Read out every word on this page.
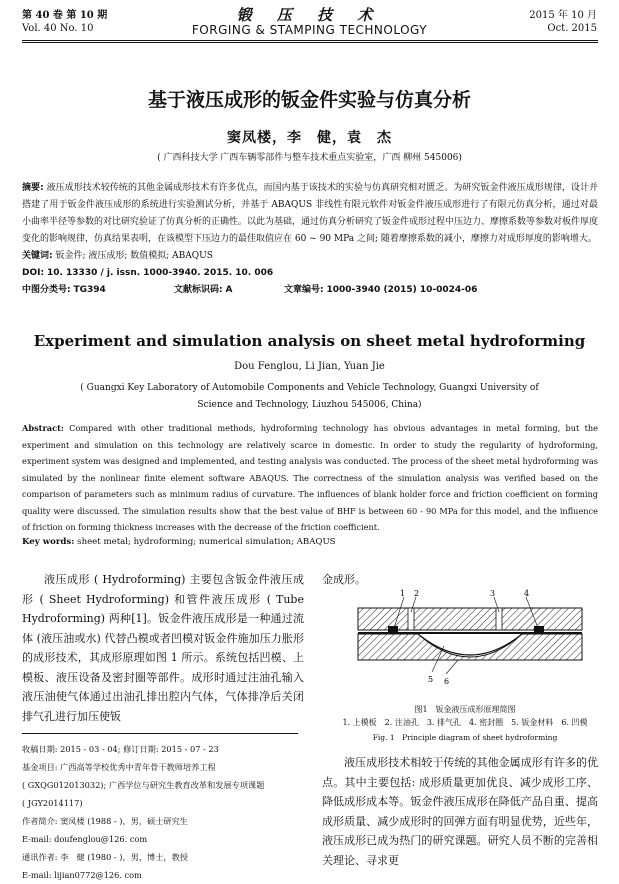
第 40 卷 第 10 期
Vol. 40 No. 10
锻 压 技 术
FORGING & STAMPING TECHNOLOGY
2015 年 10 月
Oct. 2015
基于液压成形的钣金件实验与仿真分析
窦凤楼，李　健，袁　杰
( 广西科技大学 广西车辆零部件与整车技术重点实验室，广西 柳州 545006)
摘要: 液压成形技术较传统的其他金属成形技术有许多优点，而国内基于该技术的实验与仿真研究相对匮乏。为研究钣金件液压成形规律，设计并搭建了用于钣金件液压成形的系统进行实验测试分析，并基于 ABAQUS 非线性有限元软件对钣金件液压成形进行了有限元仿真分析，通过对最小曲率半径等参数的对比研究验证了仿真分析的正确性。以此为基础，通过仿真分析研究了钣金件成形过程中压边力、摩擦系数等参数对板件厚度变化的影响规律，仿真结果表明，在该模型下压边力的最佳取值应在 60 ~ 90 MPa 之间; 随着摩擦系数的减小，摩擦力对成形厚度的影响增大。
关键词: 钣金件; 液压成形; 数值模拟; ABAQUS
DOI: 10. 13330 / j. issn. 1000-3940. 2015. 10. 006
中图分类号: TG394	文献标识码: A	文章编号: 1000-3940 (2015) 10-0024-06
Experiment and simulation analysis on sheet metal hydroforming
Dou Fenglou, Li Jian, Yuan Jie
( Guangxi Key Laboratory of Automobile Components and Vehicle Technology, Guangxi University of
Science and Technology, Liuzhou 545006, China)
Abstract: Compared with other traditional methods, hydroforming technology has obvious advantages in metal forming, but the experiment and simulation on this technology are relatively scarce in domestic. In order to study the regularity of hydroforming, experiment system was designed and implemented, and testing analysis was conducted. The process of the sheet metal hydroforming was simulated by the nonlinear finite element software ABAQUS. The correctness of the simulation analysis was verified based on the comparison of parameters such as minimum radius of curvature. The influences of blank holder force and friction coefficient on forming quality were discussed. The simulation results show that the best value of BHF is between 60 - 90 MPa for this model, and the influence of friction on forming thickness increases with the decrease of the friction coefficient.
Key words: sheet metal; hydroforming; numerical simulation; ABAQUS

液压成形 ( Hydroforming) 主要包含钣金件液压成形 ( Sheet Hydroforming) 和管件液压成形 ( Tube Hydroforming) 两种[1]。钣金件液压成形是一种通过流体 (液压油或水) 代替凸模或者凹模对钣金件施加压力胀形的成形技术，其成形原理如图 1 所示。系统包括凹模、上模板、液压设备及密封圈等部件。成形时通过注油孔输入液压油使气体通过出油孔排出腔内气体，气体排净后关闭排气孔进行加压使钣

金成形。
1 2	3	4
5 6
图1　钣金液压成形原理简图
1. 上模板　2. 注油孔　3. 排气孔　4. 密封圈　5. 钣金材料　6. 凹模
Fig. 1　Principle diagram of sheet hydroforming

液压成形技术相较于传统的其他金属成形有许多的优点。其中主要包括: 成形质量更加优良、减少成形工序、降低成形成本等。钣金件液压成形在降低产品自重、提高成形质量、减少成形时的回弹方面有明显优势，近些年，液压成形已成为热门的研究课题。研究人员不断的完善相关理论、寻求更

收稿日期: 2015 - 03 - 04; 修订日期: 2015 - 07 - 23
基金项目: 广西高等学校优秀中青年骨干教师培养工程
( GXQG012013032); 广西学位与研究生教育改革和发展专项课题
( JGY2014117)
作者简介: 窦凤楼 (1988 - )，男，硕士研究生
E-mail: doufenglou@126. com
通讯作者: 李　健 (1980 - )，男，博士，教授
E-mail: lijian0772@126. com
